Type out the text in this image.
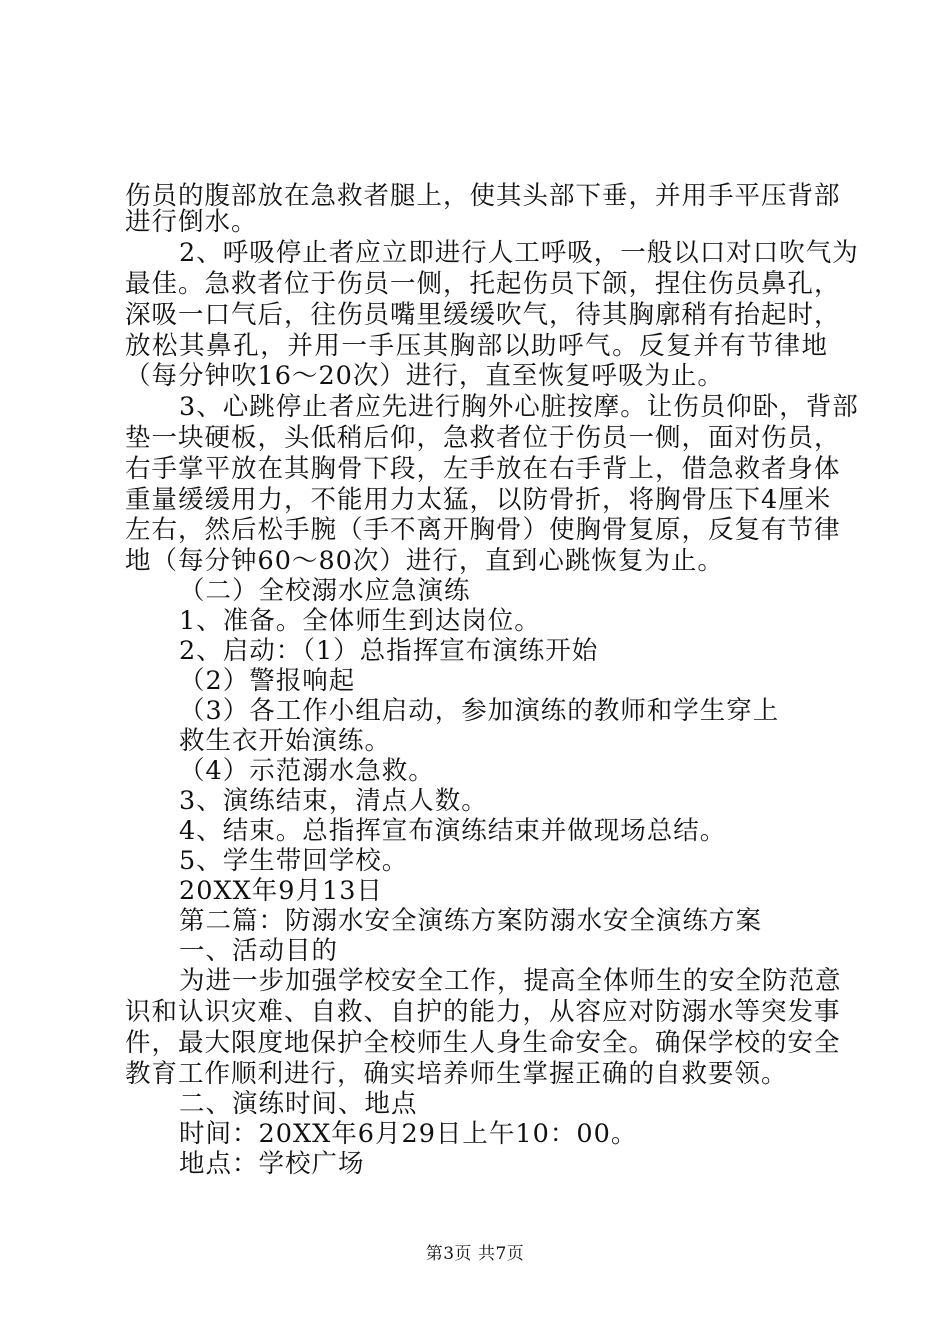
伤员的腹部放在急救者腿上，使其头部下垂，并用手平压背部
进行倒水。
2、呼吸停止者应立即进行人工呼吸，一般以口对口吹气为
最佳。急救者位于伤员一侧，托起伤员下颌，捏住伤员鼻孔，
深吸一口气后，往伤员嘴里缓缓吹气，待其胸廓稍有抬起时，
放松其鼻孔，并用一手压其胸部以助呼气。反复并有节律地
（每分钟吹16～20次）进行，直至恢复呼吸为止。
3、心跳停止者应先进行胸外心脏按摩。让伤员仰卧，背部
垫一块硬板，头低稍后仰，急救者位于伤员一侧，面对伤员，
右手掌平放在其胸骨下段，左手放在右手背上，借急救者身体
重量缓缓用力，不能用力太猛，以防骨折，将胸骨压下4厘米
左右，然后松手腕（手不离开胸骨）使胸骨复原，反复有节律
地（每分钟60～80次）进行，直到心跳恢复为止。
（二）全校溺水应急演练
1、准备。全体师生到达岗位。
2、启动：（1）总指挥宣布演练开始
（2）警报响起
（3）各工作小组启动，参加演练的教师和学生穿上
救生衣开始演练。
（4）示范溺水急救。
3、演练结束，清点人数。
4、结束。总指挥宣布演练结束并做现场总结。
5、学生带回学校。
20XX年9月13日
第二篇：防溺水安全演练方案防溺水安全演练方案
一、活动目的
为进一步加强学校安全工作，提高全体师生的安全防范意
识和认识灾难、自救、自护的能力，从容应对防溺水等突发事
件，最大限度地保护全校师生人身生命安全。确保学校的安全
教育工作顺利进行，确实培养师生掌握正确的自救要领。
二、演练时间、地点
时间：20XX年6月29日上午10：00。
地点：学校广场
第3页 共7页
